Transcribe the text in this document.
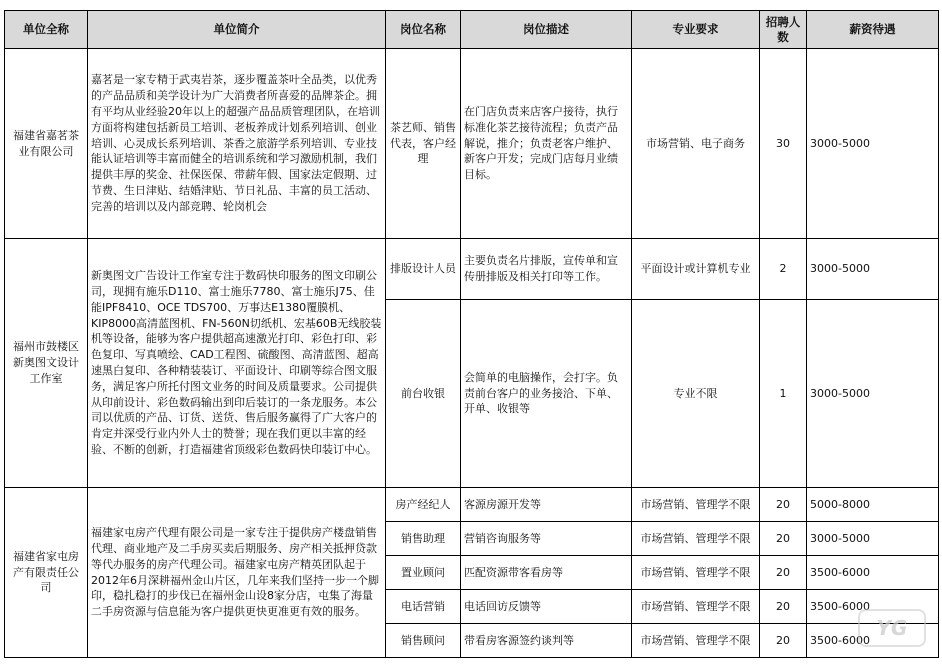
单位全称	单位简介	岗位名称	岗位描述	专业要求	招聘人数	薪资待遇
福建省嘉茗茶业有限公司	嘉茗是一家专精于武夷岩茶，逐步覆盖茶叶全品类，以优秀的产品品质和美学设计为广大消费者所喜爱的品牌茶企。拥有平均从业经验20年以上的超强产品品质管理团队，在培训方面将构建包括新员工培训、老板养成计划系列培训、创业培训、心灵成长系列培训、茶香之旅游学系列培训、专业技能认证培训等丰富而健全的培训系统和学习激励机制，我们提供丰厚的奖金、社保医保、带薪年假、国家法定假期、过节费、生日津贴、结婚津贴、节日礼品、丰富的员工活动、完善的培训以及内部竞聘、轮岗机会	茶艺师、销售代表，客户经理	在门店负责来店客户接待，执行标准化茶艺接待流程；负责产品解说，推介；负责老客户维护、新客户开发；完成门店每月业绩目标。	市场营销、电子商务	30	3000-5000
福州市鼓楼区新奥图文设计工作室	新奥图文广告设计工作室专注于数码快印服务的图文印刷公司，现拥有施乐D110、富士施乐7780、富士施乐J75、佳能IPF8410、OCE TDS700、万事达E1380覆膜机、KIP8000高清蓝图机、FN-560N切纸机、宏基60B无线胶装机等设备，能够为客户提供超高速激光打印、彩色打印、彩色复印、写真喷绘、CAD工程图、硫酸图、高清蓝图、超高速黑白复印、各种精装装订、平面设计、印刷等综合图文服务，满足客户所托付图文业务的时间及质量要求。公司提供从印前设计、彩色数码输出到印后装订的一条龙服务。本公司以优质的产品、订货、送货、售后服务赢得了广大客户的肯定并深受行业内外人士的赞誉；现在我们更以丰富的经验、不断的创新，打造福建省顶级彩色数码快印装订中心。	排版设计人员	主要负责名片排版，宣传单和宣传册排版及相关打印等工作。	平面设计或计算机专业	2	3000-5000
		前台收银	会简单的电脑操作，会打字。负责前台客户的业务接洽、下单、开单、收银等	专业不限	1	3000-5000
福建省家屯房产有限责任公司	福建家屯房产代理有限公司是一家专注于提供房产楼盘销售代理、商业地产及二手房买卖后期服务、房产相关抵押贷款等代办服务的房产代理公司。福建家屯房产精英团队起于2012年6月深耕福州金山片区，几年来我们坚持一步一个脚印，稳扎稳打的步伐已在福州金山设8家分店，屯集了海量二手房资源与信息能为客户提供更快更准更有效的服务。	房产经纪人	客源房源开发等	市场营销、管理学不限	20	5000-8000
		销售助理	营销咨询服务等	市场营销、管理学不限	20	3000-5000
		置业顾问	匹配资源带客看房等	市场营销、管理学不限	20	3500-6000
		电话营销	电话回访反馈等	市场营销、管理学不限	20	3500-6000
		销售顾问	带看房客源签约谈判等	市场营销、管理学不限	20	3500-6000
YG
